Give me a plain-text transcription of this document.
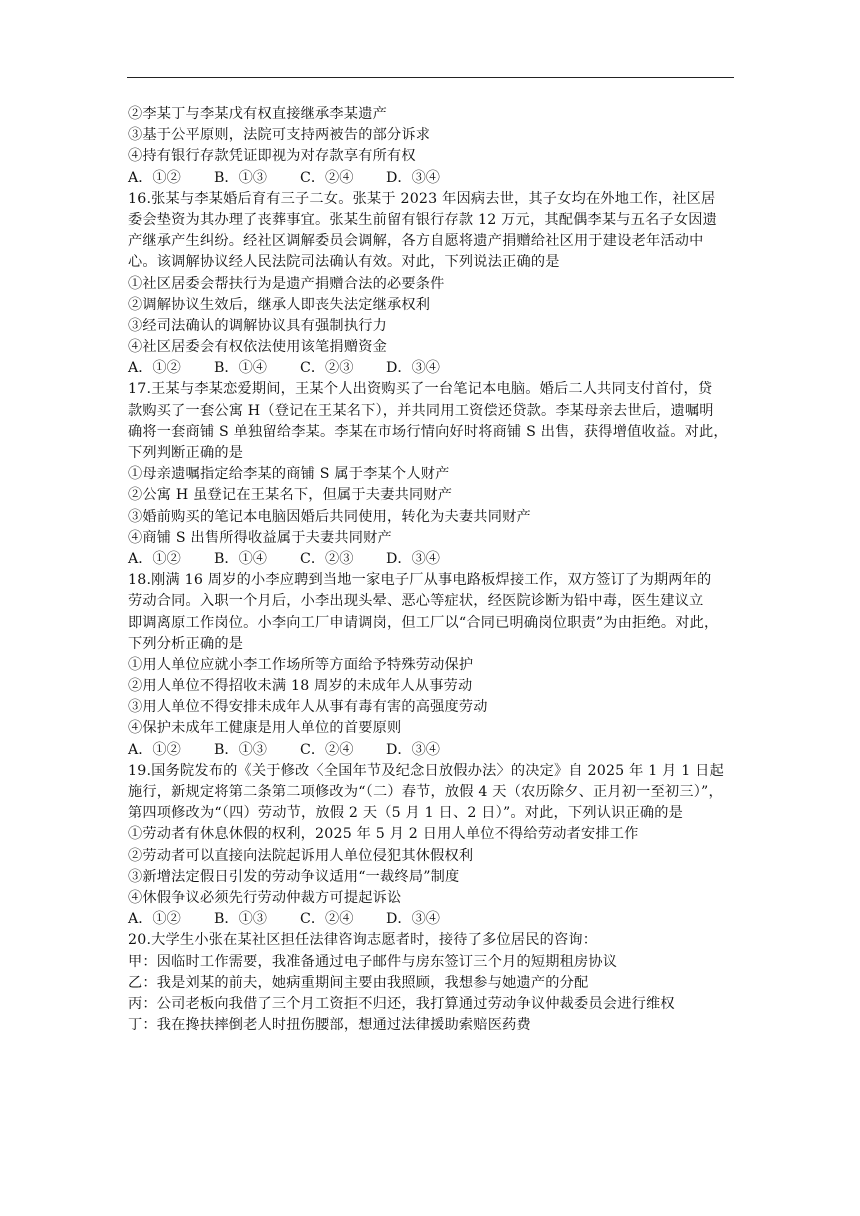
②李某丁与李某戊有权直接继承李某遗产
③基于公平原则，法院可支持两被告的部分诉求
④持有银行存款凭证即视为对存款享有所有权
A．①②	B．①③	C．②④	D．③④
16.张某与李某婚后育有三子二女。张某于 2023 年因病去世，其子女均在外地工作，社区居
委会垫资为其办理了丧葬事宜。张某生前留有银行存款 12 万元，其配偶李某与五名子女因遗
产继承产生纠纷。经社区调解委员会调解，各方自愿将遗产捐赠给社区用于建设老年活动中
心。该调解协议经人民法院司法确认有效。对此，下列说法正确的是
①社区居委会帮扶行为是遗产捐赠合法的必要条件
②调解协议生效后，继承人即丧失法定继承权利
③经司法确认的调解协议具有强制执行力
④社区居委会有权依法使用该笔捐赠资金
A．①②	B．①④	C．②③	D．③④
17.王某与李某恋爱期间，王某个人出资购买了一台笔记本电脑。婚后二人共同支付首付，贷
款购买了一套公寓 H（登记在王某名下），并共同用工资偿还贷款。李某母亲去世后，遗嘱明
确将一套商铺 S 单独留给李某。李某在市场行情向好时将商铺 S 出售，获得增值收益。对此，
下列判断正确的是
①母亲遗嘱指定给李某的商铺 S 属于李某个人财产
②公寓 H 虽登记在王某名下，但属于夫妻共同财产
③婚前购买的笔记本电脑因婚后共同使用，转化为夫妻共同财产
④商铺 S 出售所得收益属于夫妻共同财产
A．①②	B．①④	C．②③	D．③④
18.刚满 16 周岁的小李应聘到当地一家电子厂从事电路板焊接工作，双方签订了为期两年的
劳动合同。入职一个月后，小李出现头晕、恶心等症状，经医院诊断为铅中毒，医生建议立
即调离原工作岗位。小李向工厂申请调岗，但工厂以“合同已明确岗位职责”为由拒绝。对此，
下列分析正确的是
①用人单位应就小李工作场所等方面给予特殊劳动保护
②用人单位不得招收未满 18 周岁的未成年人从事劳动
③用人单位不得安排未成年人从事有毒有害的高强度劳动
④保护未成年工健康是用人单位的首要原则
A．①②	B．①③	C．②④	D．③④
19.国务院发布的《关于修改〈全国年节及纪念日放假办法〉的决定》自 2025 年 1 月 1 日起
施行，新规定将第二条第二项修改为“（二）春节，放假 4 天（农历除夕、正月初一至初三）”，
第四项修改为“（四）劳动节，放假 2 天（5 月 1 日、2 日）”。对此，下列认识正确的是
①劳动者有休息休假的权利，2025 年 5 月 2 日用人单位不得给劳动者安排工作
②劳动者可以直接向法院起诉用人单位侵犯其休假权利
③新增法定假日引发的劳动争议适用“一裁终局”制度
④休假争议必须先行劳动仲裁方可提起诉讼
A．①②	B．①③	C．②④	D．③④
20.大学生小张在某社区担任法律咨询志愿者时，接待了多位居民的咨询：
甲：因临时工作需要，我准备通过电子邮件与房东签订三个月的短期租房协议
乙：我是刘某的前夫，她病重期间主要由我照顾，我想参与她遗产的分配
丙：公司老板向我借了三个月工资拒不归还，我打算通过劳动争议仲裁委员会进行维权
丁：我在搀扶摔倒老人时扭伤腰部，想通过法律援助索赔医药费
